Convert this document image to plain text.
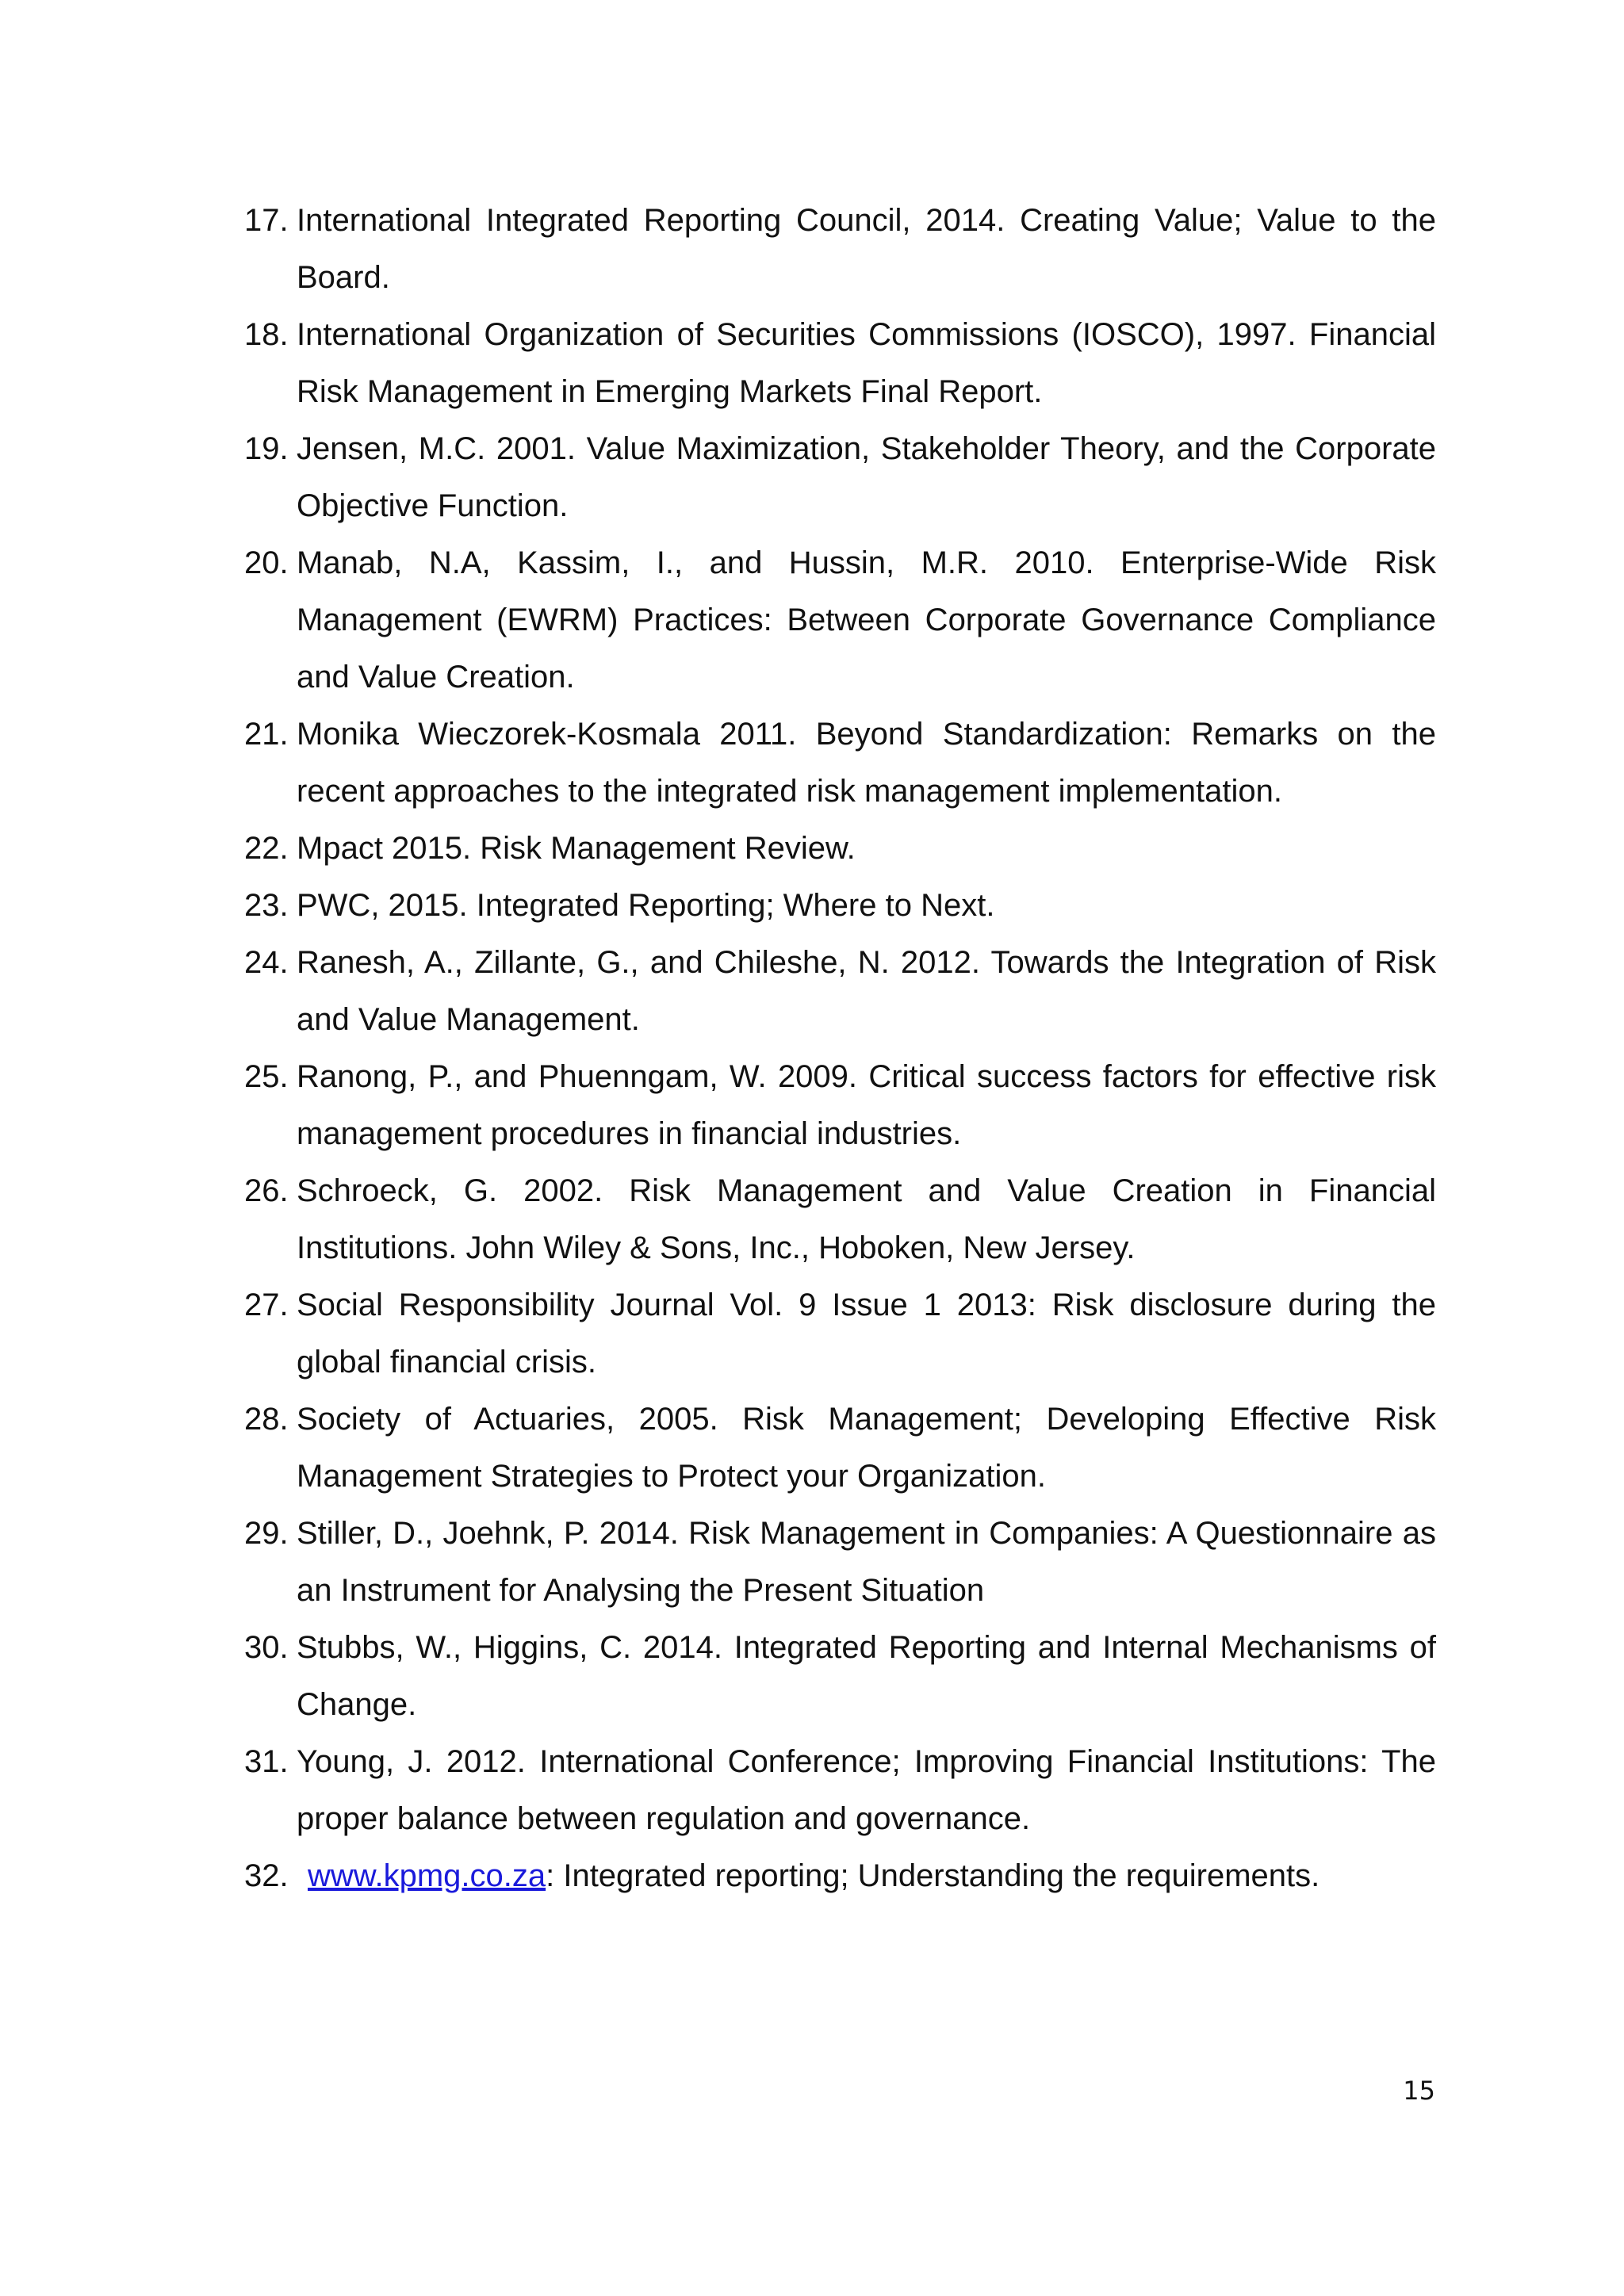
17. International Integrated Reporting Council, 2014. Creating Value; Value to the Board.
18. International Organization of Securities Commissions (IOSCO), 1997. Financial Risk Management in Emerging Markets Final Report.
19. Jensen, M.C. 2001. Value Maximization, Stakeholder Theory, and the Corporate Objective Function.
20. Manab, N.A, Kassim, I., and Hussin, M.R. 2010. Enterprise-Wide Risk Management (EWRM) Practices: Between Corporate Governance Compliance and Value Creation.
21. Monika Wieczorek-Kosmala 2011. Beyond Standardization: Remarks on the recent approaches to the integrated risk management implementation.
22. Mpact 2015. Risk Management Review.
23. PWC, 2015. Integrated Reporting; Where to Next.
24. Ranesh, A., Zillante, G., and Chileshe, N. 2012. Towards the Integration of Risk and Value Management.
25. Ranong, P., and Phuenngam, W. 2009. Critical success factors for effective risk management procedures in financial industries.
26. Schroeck, G. 2002. Risk Management and Value Creation in Financial Institutions. John Wiley & Sons, Inc., Hoboken, New Jersey.
27. Social Responsibility Journal Vol. 9 Issue 1 2013: Risk disclosure during the global financial crisis.
28. Society of Actuaries, 2005. Risk Management; Developing Effective Risk Management Strategies to Protect your Organization.
29. Stiller, D., Joehnk, P. 2014. Risk Management in Companies: A Questionnaire as an Instrument for Analysing the Present Situation
30. Stubbs, W., Higgins, C. 2014. Integrated Reporting and Internal Mechanisms of Change.
31. Young, J. 2012. International Conference; Improving Financial Institutions: The proper balance between regulation and governance.
32. www.kpmg.co.za: Integrated reporting; Understanding the requirements.
15
